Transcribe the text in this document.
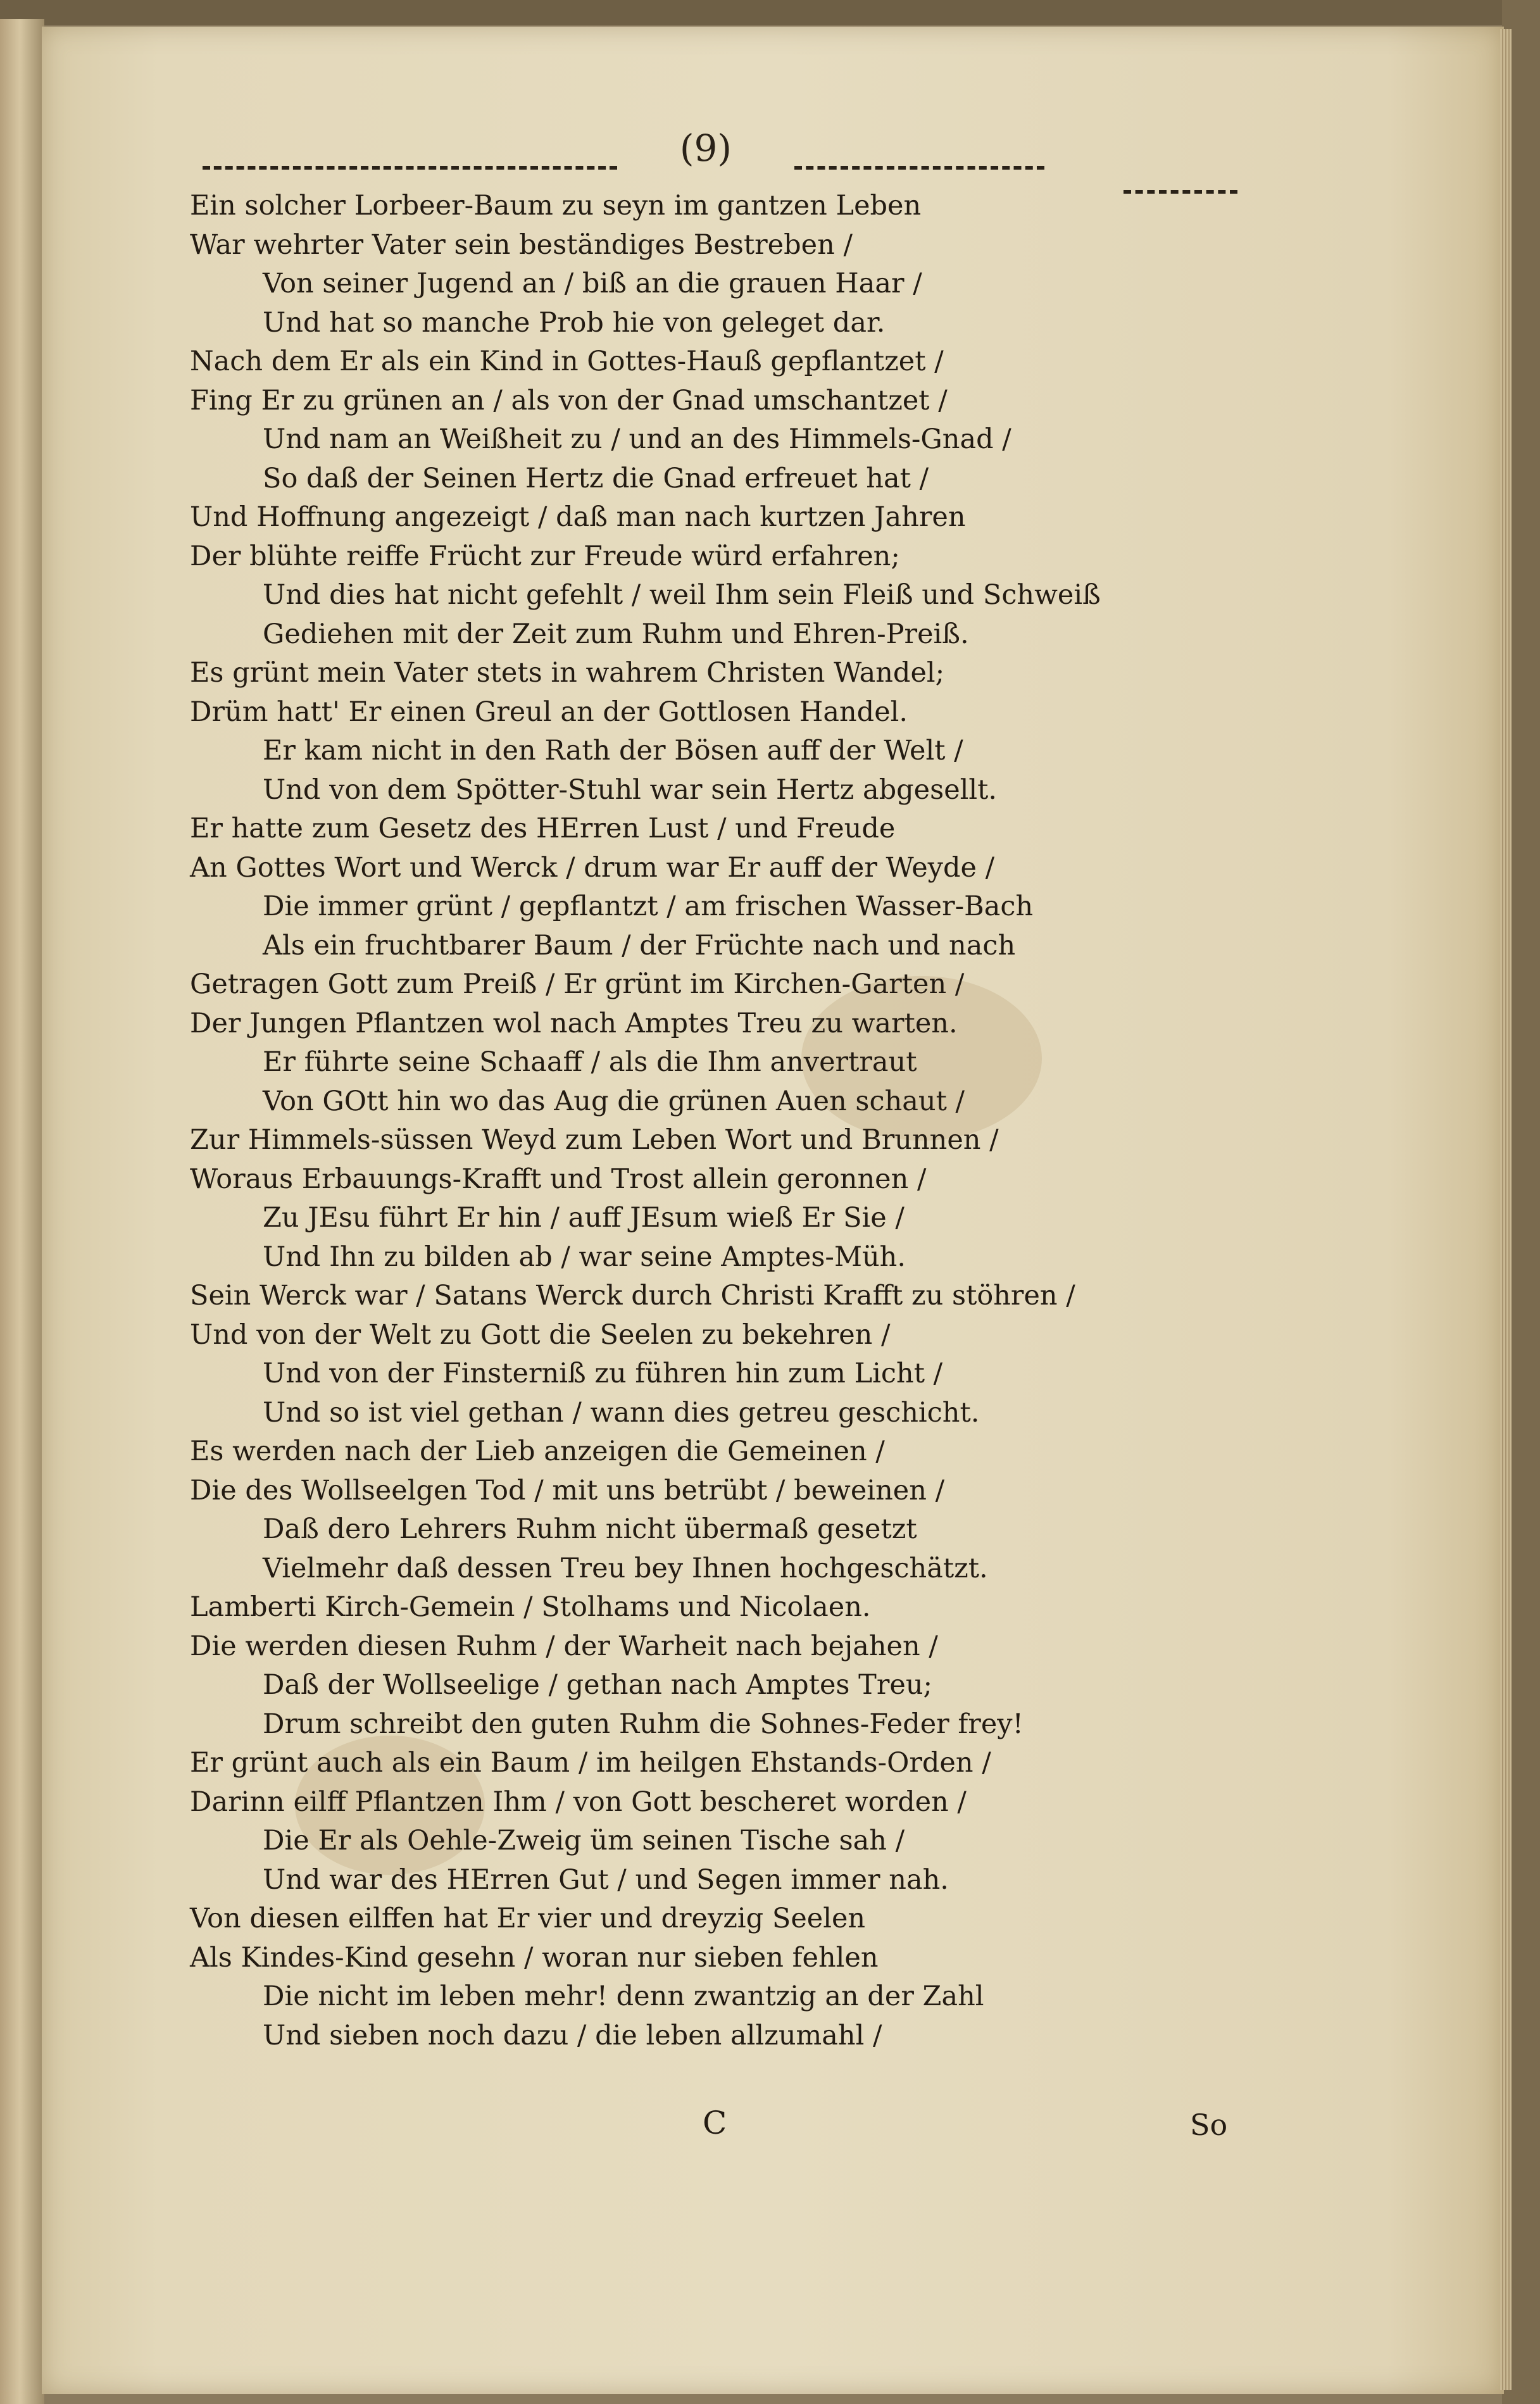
(9)
Ein solcher Lorbeer-Baum zu seyn im gantzen Leben
War wehrter Vater sein beständiges Bestreben /
Von seiner Jugend an / biß an die grauen Haar /
Und hat so manche Prob hie von geleget dar.
Nach dem Er als ein Kind in Gottes-Hauß gepflantzet /
Fing Er zu grünen an / als von der Gnad umschantzet /
Und nam an Weißheit zu / und an des Himmels-Gnad /
So daß der Seinen Hertz die Gnad erfreuet hat /
Und Hoffnung angezeigt / daß man nach kurtzen Jahren
Der blühte reiffe Frücht zur Freude würd erfahren;
Und dies hat nicht gefehlt / weil Ihm sein Fleiß und Schweiß
Gediehen mit der Zeit zum Ruhm und Ehren-Preiß.
Es grünt mein Vater stets in wahrem Christen Wandel;
Drüm hatt' Er einen Greul an der Gottlosen Handel.
Er kam nicht in den Rath der Bösen auff der Welt /
Und von dem Spötter-Stuhl war sein Hertz abgesellt.
Er hatte zum Gesetz des HErren Lust / und Freude
An Gottes Wort und Werck / drum war Er auff der Weyde /
Die immer grünt / gepflantzt / am frischen Wasser-Bach
Als ein fruchtbarer Baum / der Früchte nach und nach
Getragen Gott zum Preiß / Er grünt im Kirchen-Garten /
Der Jungen Pflantzen wol nach Amptes Treu zu warten.
Er führte seine Schaaff / als die Ihm anvertraut
Von GOtt hin wo das Aug die grünen Auen schaut /
Zur Himmels-süssen Weyd zum Leben Wort und Brunnen /
Woraus Erbauungs-Krafft und Trost allein geronnen /
Zu JEsu führt Er hin / auff JEsum wieß Er Sie /
Und Ihn zu bilden ab / war seine Amptes-Müh.
Sein Werck war / Satans Werck durch Christi Krafft zu stöhren /
Und von der Welt zu Gott die Seelen zu bekehren /
Und von der Finsterniß zu führen hin zum Licht /
Und so ist viel gethan / wann dies getreu geschicht.
Es werden nach der Lieb anzeigen die Gemeinen /
Die des Wollseelgen Tod / mit uns betrübt / beweinen /
Daß dero Lehrers Ruhm nicht übermaß gesetzt
Vielmehr daß dessen Treu bey Ihnen hochgeschätzt.
Lamberti Kirch-Gemein / Stolhams und Nicolaen.
Die werden diesen Ruhm / der Warheit nach bejahen /
Daß der Wollseelige / gethan nach Amptes Treu;
Drum schreibt den guten Ruhm die Sohnes-Feder frey!
Er grünt auch als ein Baum / im heilgen Ehstands-Orden /
Darinn eilff Pflantzen Ihm / von Gott bescheret worden /
Die Er als Oehle-Zweig üm seinen Tische sah /
Und war des HErren Gut / und Segen immer nah.
Von diesen eilffen hat Er vier und dreyzig Seelen
Als Kindes-Kind gesehn / woran nur sieben fehlen
Die nicht im leben mehr! denn zwantzig an der Zahl
Und sieben noch dazu / die leben allzumahl /
C	So
